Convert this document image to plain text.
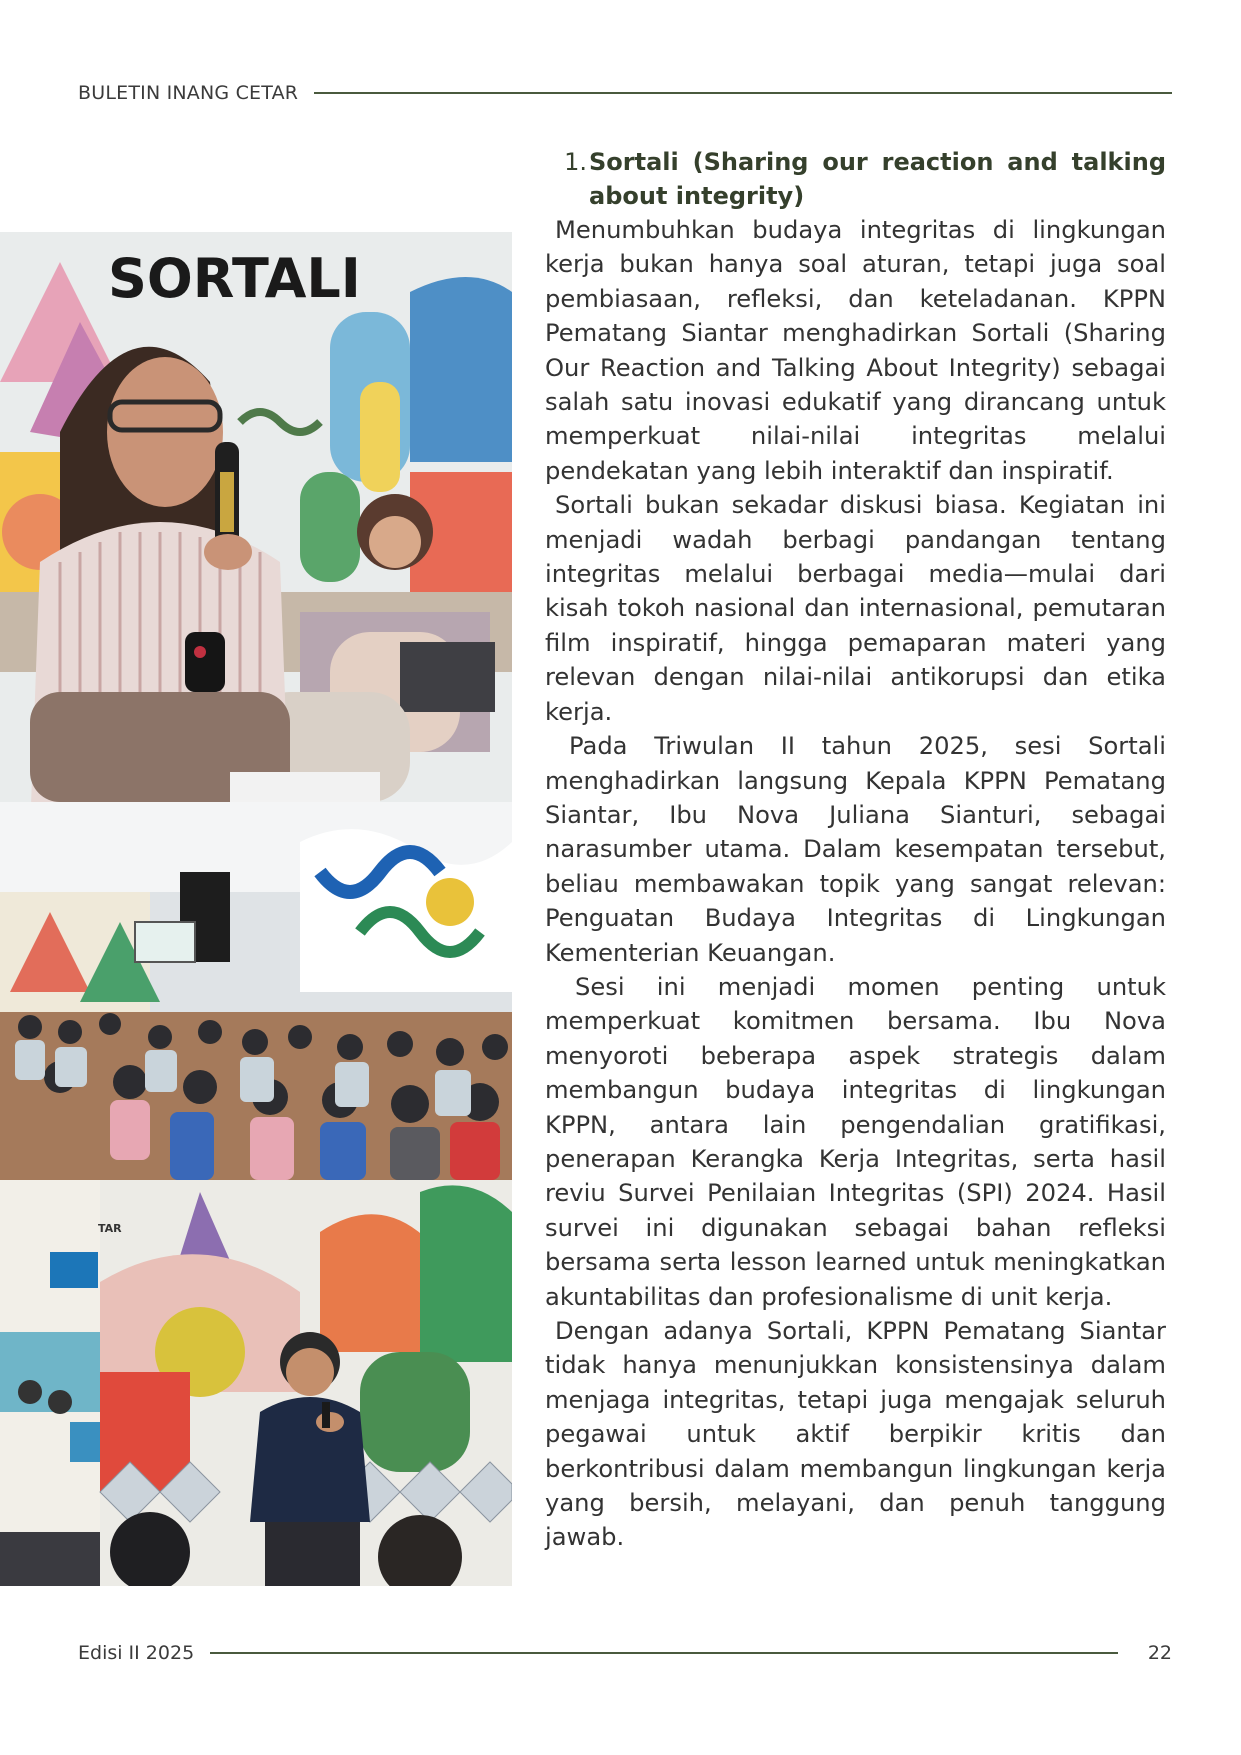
BULETIN INANG CETAR
SORTALI
TAR
1. Sortali (Sharing our reaction and talking about integrity)

Menumbuhkan budaya integritas di lingkungan kerja bukan hanya soal aturan, tetapi juga soal pembiasaan, refleksi, dan keteladanan. KPPN Pematang Siantar menghadirkan Sortali (Sharing Our Reaction and Talking About Integrity) sebagai salah satu inovasi edukatif yang dirancang untuk memperkuat nilai-nilai integritas melalui pendekatan yang lebih interaktif dan inspiratif.

Sortali bukan sekadar diskusi biasa. Kegiatan ini menjadi wadah berbagi pandangan tentang integritas melalui berbagai media—mulai dari kisah tokoh nasional dan internasional, pemutaran film inspiratif, hingga pemaparan materi yang relevan dengan nilai-nilai antikorupsi dan etika kerja.

Pada Triwulan II tahun 2025, sesi Sortali menghadirkan langsung Kepala KPPN Pematang Siantar, Ibu Nova Juliana Sianturi, sebagai narasumber utama. Dalam kesempatan tersebut, beliau membawakan topik yang sangat relevan: Penguatan Budaya Integritas di Lingkungan Kementerian Keuangan.

Sesi ini menjadi momen penting untuk memperkuat komitmen bersama. Ibu Nova menyoroti beberapa aspek strategis dalam membangun budaya integritas di lingkungan KPPN, antara lain pengendalian gratifikasi, penerapan Kerangka Kerja Integritas, serta hasil reviu Survei Penilaian Integritas (SPI) 2024. Hasil survei ini digunakan sebagai bahan refleksi bersama serta lesson learned untuk meningkatkan akuntabilitas dan profesionalisme di unit kerja.

Dengan adanya Sortali, KPPN Pematang Siantar tidak hanya menunjukkan konsistensinya dalam menjaga integritas, tetapi juga mengajak seluruh pegawai untuk aktif berpikir kritis dan berkontribusi dalam membangun lingkungan kerja yang bersih, melayani, dan penuh tanggung jawab.

Edisi II 2025	22
